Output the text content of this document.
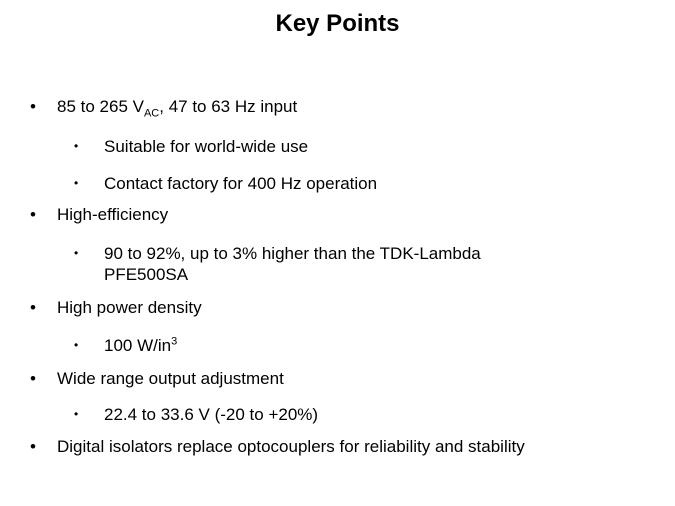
Key Points
• 85 to 265 $V_{AC}$, 47 to 63 Hz input
• Suitable for world-wide use
• Contact factory for 400 Hz operation
• High-efficiency
• 90 to 92%, up to 3% higher than the TDK-Lambda
PFE500SA
• High power density
• 100 $W/in^3$
• Wide range output adjustment
• 22.4 to 33.6 V (-20 to +20%)
• Digital isolators replace optocouplers for reliability and stability
